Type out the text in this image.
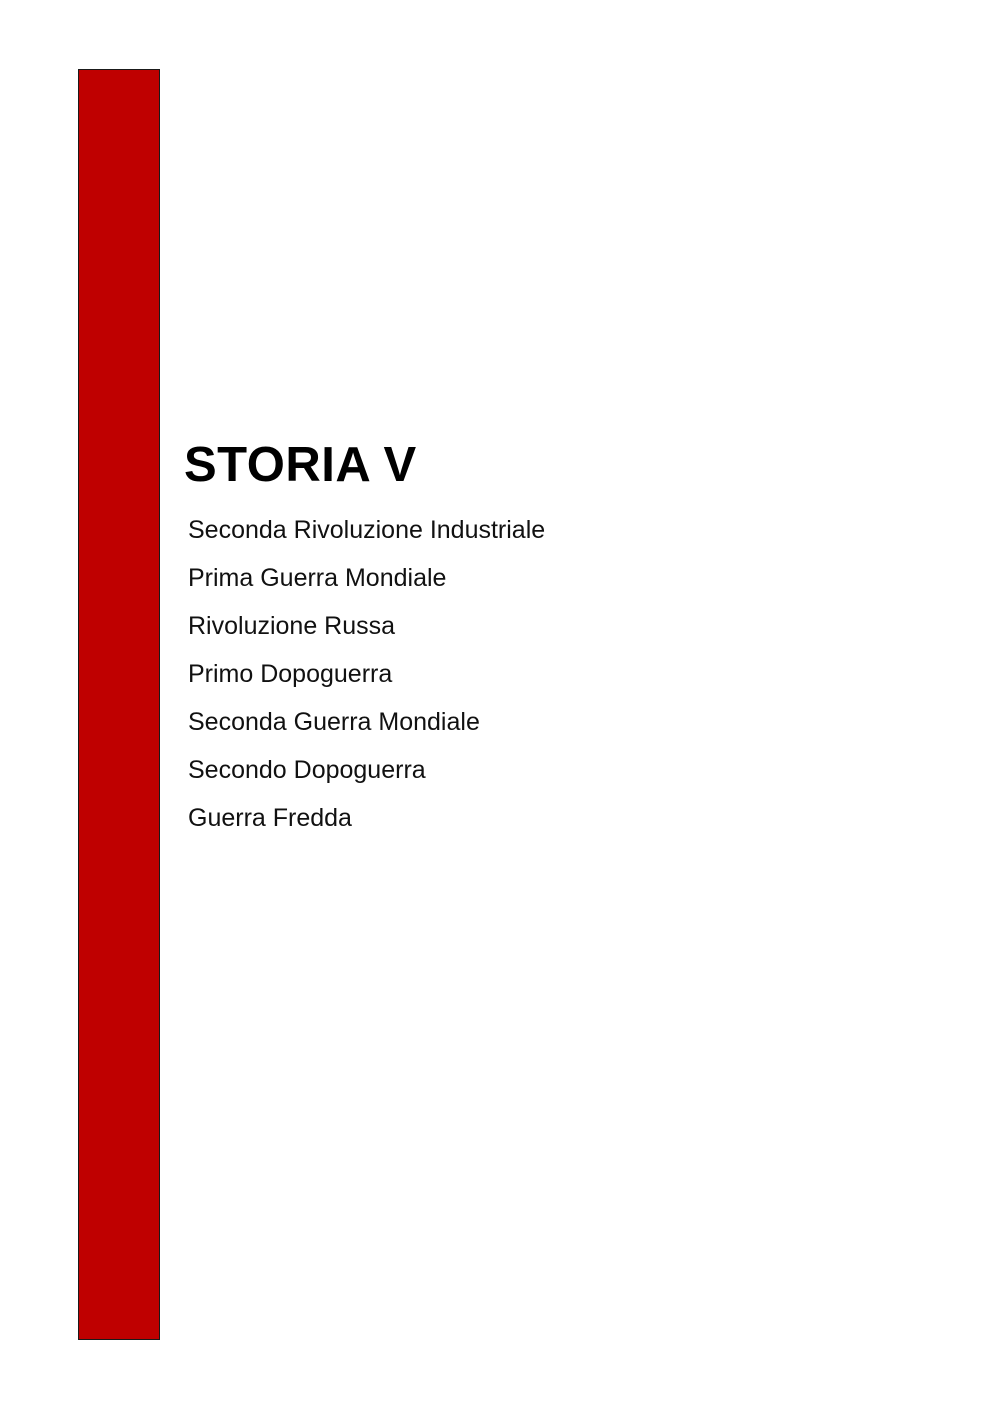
STORIA V
Seconda Rivoluzione Industriale
Prima Guerra Mondiale
Rivoluzione Russa
Primo Dopoguerra
Seconda Guerra Mondiale
Secondo Dopoguerra
Guerra Fredda
